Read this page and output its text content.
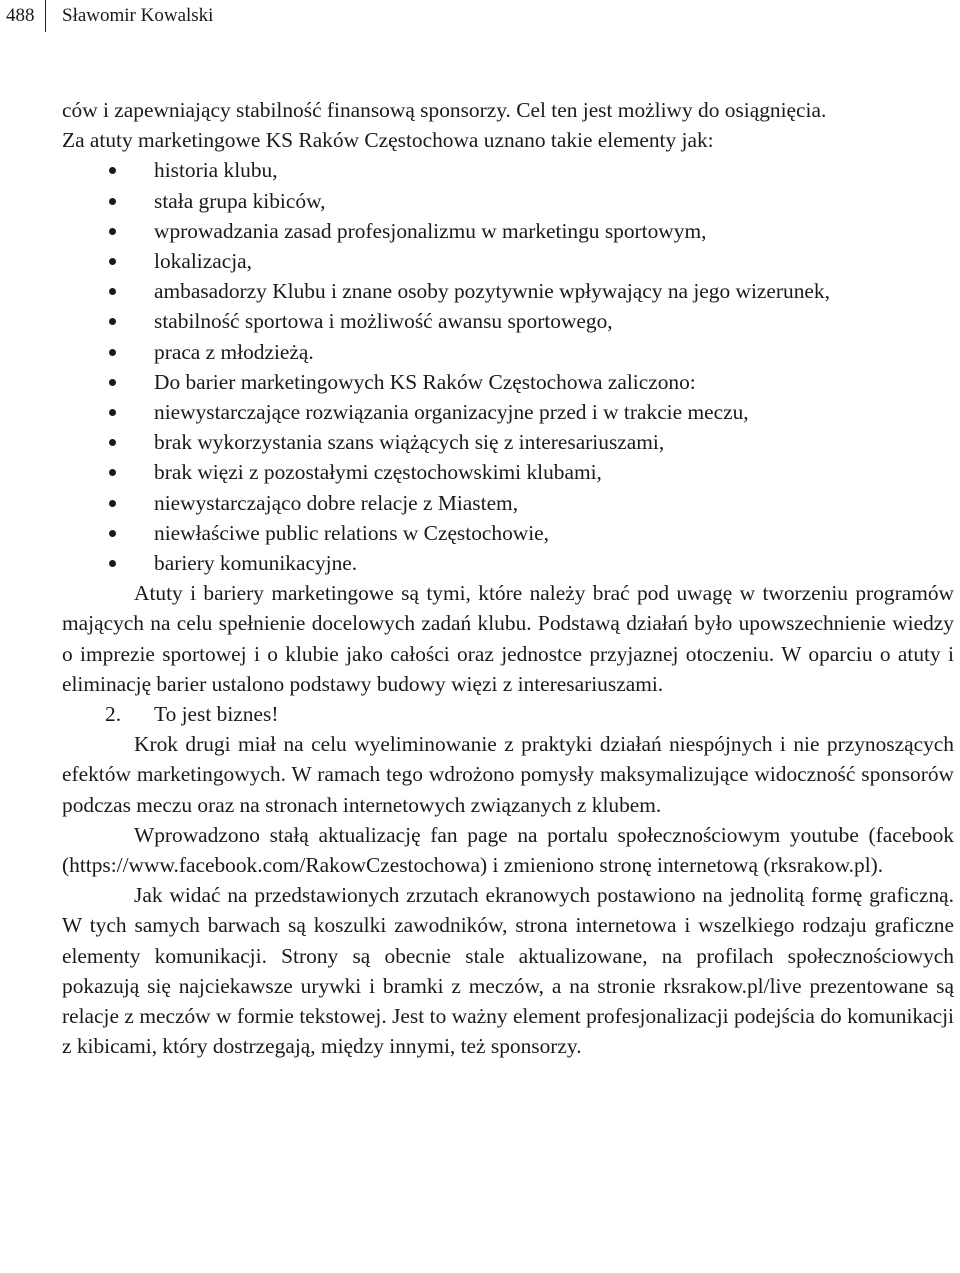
488 Sławomir Kowalski

ców i zapewniający stabilność finansową sponsorzy. Cel ten jest możliwy do osiągnięcia.

Za atuty marketingowe KS Raków Częstochowa uznano takie elementy jak:

historia klubu,
stała grupa kibiców,
wprowadzania zasad profesjonalizmu w marketingu sportowym,
lokalizacja,
ambasadorzy Klubu i znane osoby pozytywnie wpływający na jego wizerunek,
stabilność sportowa i możliwość awansu sportowego,
praca z młodzieżą.
Do barier marketingowych KS Raków Częstochowa zaliczono:
niewystarczające rozwiązania organizacyjne przed i w trakcie meczu,
brak wykorzystania szans wiążących się z interesariuszami,
brak więzi z pozostałymi częstochowskimi klubami,
niewystarczająco dobre relacje z Miastem,
niewłaściwe public relations w Częstochowie,
bariery komunikacyjne.

Atuty i bariery marketingowe są tymi, które należy brać pod uwagę w tworzeniu programów mających na celu spełnienie docelowych zadań klubu. Podstawą działań było upowszechnienie wiedzy o imprezie sportowej i o klubie jako całości oraz jednostce przyjaznej otoczeniu. W oparciu o atuty i eliminację barier ustalono podstawy budowy więzi z interesariuszami.

2. To jest biznes!

Krok drugi miał na celu wyeliminowanie z praktyki działań niespójnych i nie przynoszących efektów marketingowych. W ramach tego wdrożono pomysły maksymalizujące widoczność sponsorów podczas meczu oraz na stronach internetowych związanych z klubem.

Wprowadzono stałą aktualizację fan page na portalu społecznościowym youtube (facebook (https://www.facebook.com/RakowCzestochowa) i zmieniono stronę internetową (rksrakow.pl).

Jak widać na przedstawionych zrzutach ekranowych postawiono na jednolitą formę graficzną. W tych samych barwach są koszulki zawodników, strona internetowa i wszelkiego rodzaju graficzne elementy komunikacji. Strony są obecnie stale aktualizowane, na profilach społecznościowych pokazują się najciekawsze urywki i bramki z meczów, a na stronie rksrakow.pl/live prezentowane są relacje z meczów w formie tekstowej. Jest to ważny element profesjonalizacji podejścia do komunikacji z kibicami, który dostrzegają, między innymi, też sponsorzy.
